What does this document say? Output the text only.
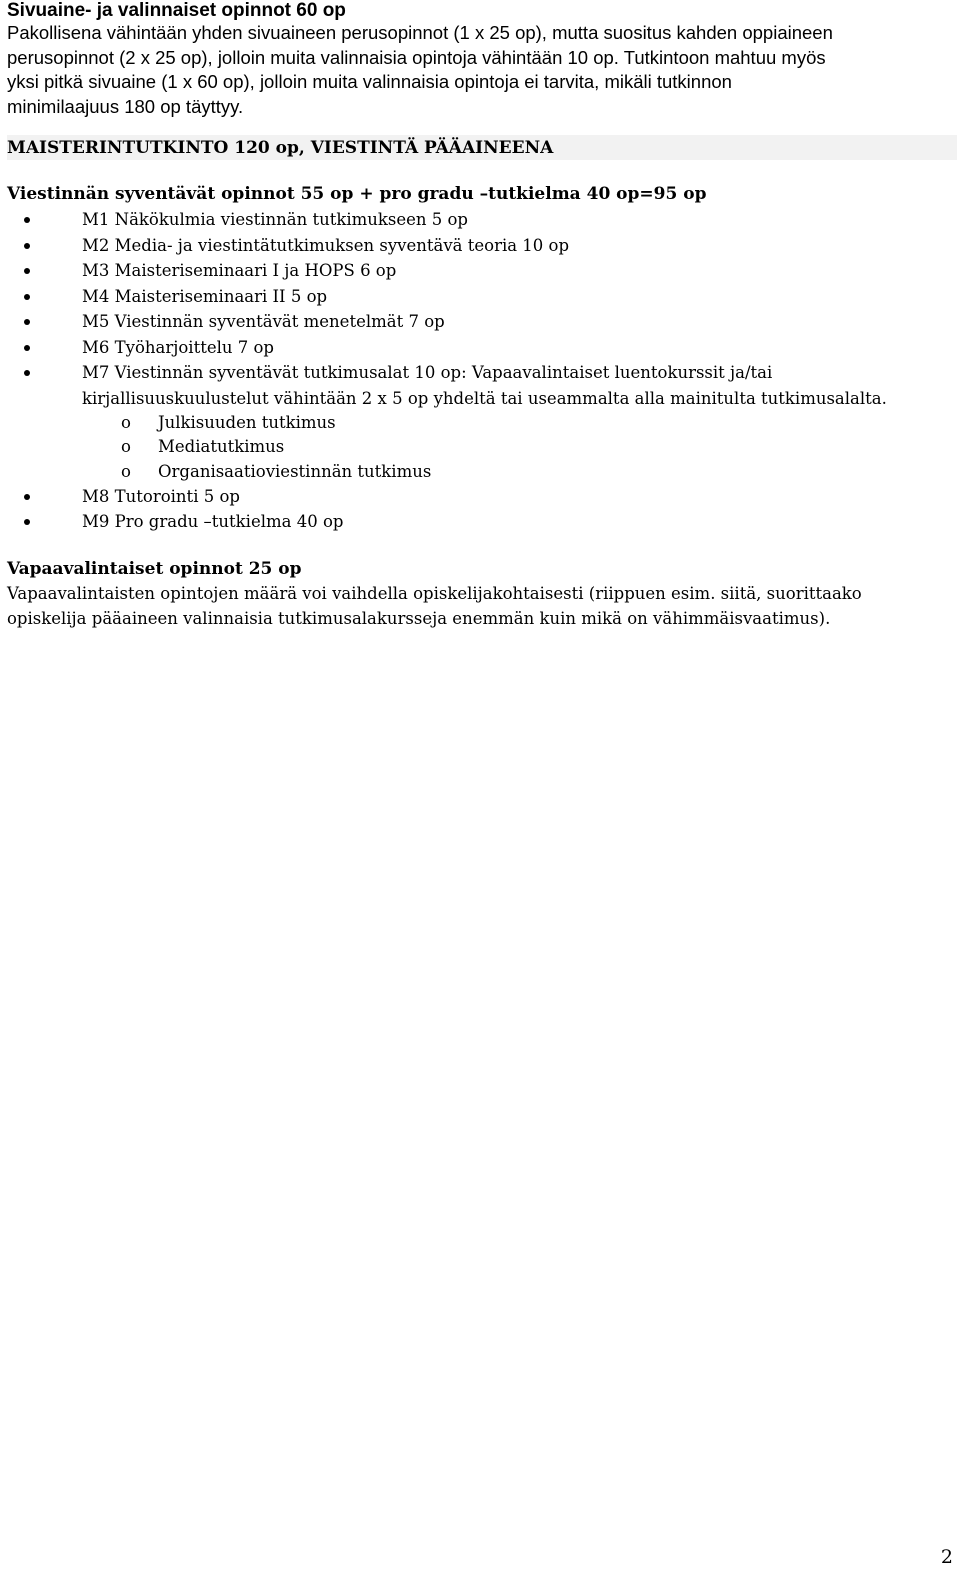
Sivuaine- ja valinnaiset opinnot 60 op

Pakollisena vähintään yhden sivuaineen perusopinnot (1 x 25 op), mutta suositus kahden oppiaineen

perusopinnot (2 x 25 op), jolloin muita valinnaisia opintoja vähintään 10 op. Tutkintoon mahtuu myös

yksi pitkä sivuaine (1 x 60 op), jolloin muita valinnaisia opintoja ei tarvita, mikäli tutkinnon

minimilaajuus 180 op täyttyy.

MAISTERINTUTKINTO 120 op, VIESTINTÄ PÄÄAINEENA
Viestinnän syventävät opinnot 55 op + pro gradu –tutkielma 40 op=95 op
M1 Näkökulmia viestinnän tutkimukseen 5 op
M2 Media- ja viestintätutkimuksen syventävä teoria 10 op
M3 Maisteriseminaari I ja HOPS 6 op
M4 Maisteriseminaari II 5 op
M5 Viestinnän syventävät menetelmät 7 op
M6 Työharjoittelu 7 op
M7 Viestinnän syventävät tutkimusalat 10 op: Vapaavalintaiset luentokurssit ja/tai
kirjallisuuskuulustelut vähintään 2 x 5 op yhdeltä tai useammalta alla mainitulta tutkimusalalta.
o Julkisuuden tutkimus
o Mediatutkimus
o Organisaatioviestinnän tutkimus
M8 Tutorointi 5 op
M9 Pro gradu –tutkielma 40 op
Vapaavalintaiset opinnot 25 op

Vapaavalintaisten opintojen määrä voi vaihdella opiskelijakohtaisesti (riippuen esim. siitä, suorittaako

opiskelija pääaineen valinnaisia tutkimusalakursseja enemmän kuin mikä on vähimmäisvaatimus).

2
